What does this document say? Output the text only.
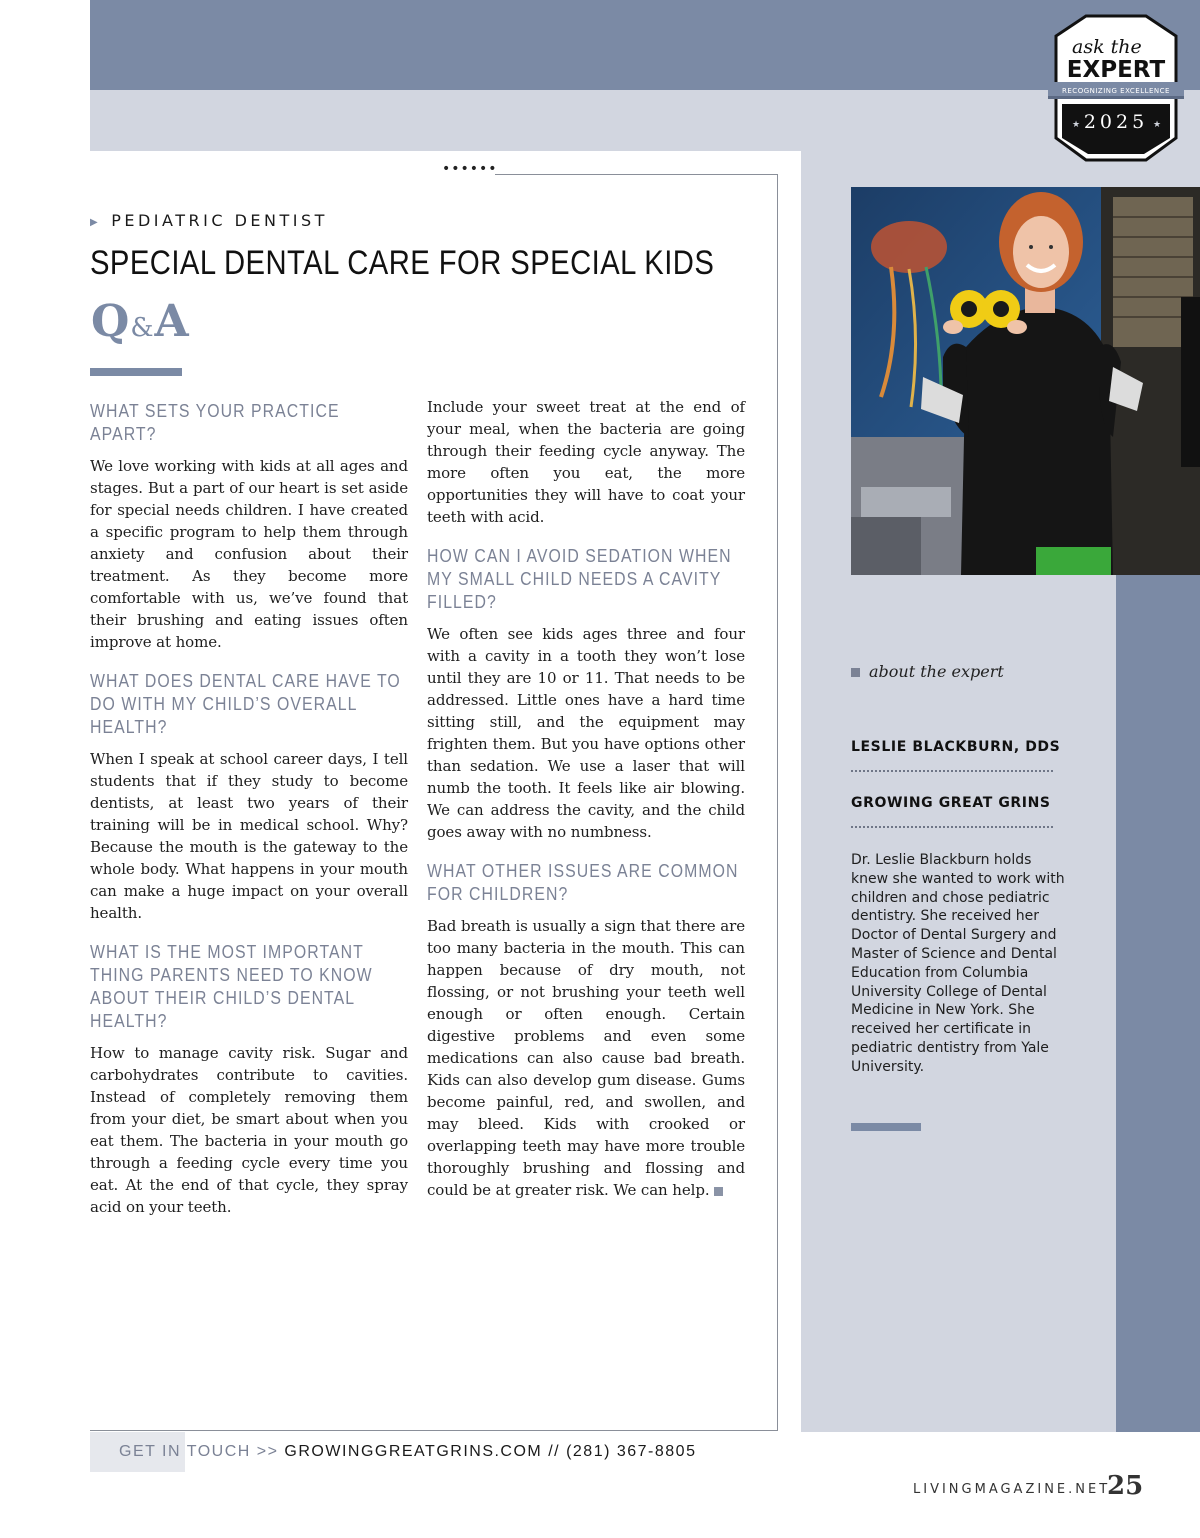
••••••
ask the
EXPERT
RECOGNIZING EXCELLENCE
★ 2025 ★
▶ PEDIATRIC DENTIST
SPECIAL DENTAL CARE FOR SPECIAL KIDS
Q&A
WHAT SETS YOUR PRACTICE APART?

We love working with kids at all ages and stages. But a part of our heart is set aside for special needs children. I have created a specific program to help them through anxiety and confusion about their treatment. As they become more comfortable with us, we’ve found that their brushing and eating issues often improve at home.

WHAT DOES DENTAL CARE HAVE TO DO WITH MY CHILD’S OVERALL HEALTH?

When I speak at school career days, I tell students that if they study to become dentists, at least two years of their training will be in medical school. Why? Because the mouth is the gateway to the whole body. What happens in your mouth can make a huge impact on your overall health.

WHAT IS THE MOST IMPORTANT THING PARENTS NEED TO KNOW ABOUT THEIR CHILD’S DENTAL HEALTH?

How to manage cavity risk. Sugar and carbohydrates contribute to cavities. Instead of completely removing them from your diet, be smart about when you eat them. The bacteria in your mouth go through a feeding cycle every time you eat. At the end of that cycle, they spray acid on your teeth.

Include your sweet treat at the end of your meal, when the bacteria are going through their feeding cycle anyway. The more often you eat, the more opportunities they will have to coat your teeth with acid.

HOW CAN I AVOID SEDATION WHEN MY SMALL CHILD NEEDS A CAVITY FILLED?

We often see kids ages three and four with a cavity in a tooth they won’t lose until they are 10 or 11. That needs to be addressed. Little ones have a hard time sitting still, and the equipment may frighten them. But you have options other than sedation. We use a laser that will numb the tooth. It feels like air blowing. We can address the cavity, and the child goes away with no numbness.

WHAT OTHER ISSUES ARE COMMON FOR CHILDREN?

Bad breath is usually a sign that there are too many bacteria in the mouth. This can happen because of dry mouth, not flossing, or not brushing your teeth well enough or often enough. Certain digestive problems and even some medications can also cause bad breath. Kids can also develop gum disease. Gums become painful, red, and swollen, and may bleed. Kids with crooked or overlapping teeth may have more trouble thoroughly brushing and flossing and could be at greater risk. We can help.

about the expert
LESLIE BLACKBURN, DDS
GROWING GREAT GRINS
Dr. Leslie Blackburn holds knew she wanted to work with children and chose pediatric dentistry. She received her Doctor of Dental Surgery and Master of Science and Dental Education from Columbia University College of Dental Medicine in New York. She received her certificate in pediatric dentistry from Yale University.
GET IN TOUCH >> GROWINGGREATGRINS.COM // (281) 367-8805
LIVINGMAGAZINE.NET
25
